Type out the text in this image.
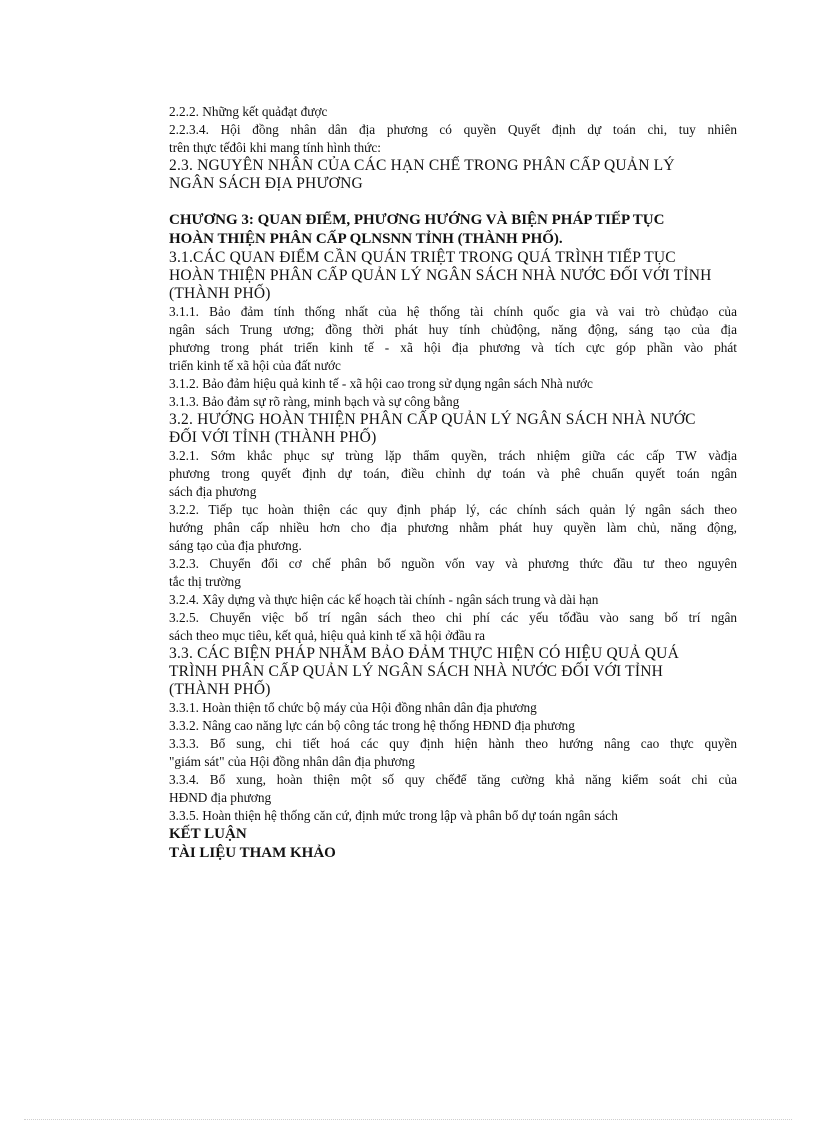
2.2.2. Những kết quảđạt được
2.2.3.4. Hội đồng nhân dân địa phương có quyền Quyết định dự toán chi, tuy nhiên
trên thực tếđôi khi mang tính hình thức:
2.3. NGUYÊN NHÂN CỦA CÁC HẠN CHẾ TRONG PHÂN CẤP QUẢN LÝ
NGÂN SÁCH ĐỊA PHƯƠNG
CHƯƠNG 3: QUAN ĐIỂM, PHƯƠNG HƯỚNG VÀ BIỆN PHÁP TIẾP TỤC
HOÀN THIỆN PHÂN CẤP QLNSNN TỈNH (THÀNH PHỐ).
3.1.CÁC QUAN ĐIỂM CẦN QUÁN TRIỆT TRONG QUÁ TRÌNH TIẾP TỤC
HOÀN THIỆN PHÂN CẤP QUẢN LÝ NGÂN SÁCH NHÀ NƯỚC ĐỐI VỚI TỈNH
(THÀNH PHỐ)
3.1.1. Bảo đảm tính thống nhất của hệ thống tài chính quốc gia và vai trò chủđạo của
ngân sách Trung ương; đồng thời phát huy tính chủđộng, năng động, sáng tạo của địa
phương trong phát triển kinh tế - xã hội địa phương và tích cực góp phần vào phát
triển kinh tế xã hội của đất nước
3.1.2. Bảo đảm hiệu quả kinh tế - xã hội cao trong sử dụng ngân sách Nhà nước
3.1.3. Bảo đảm sự rõ ràng, minh bạch và sự công bằng
3.2. HƯỚNG HOÀN THIỆN PHÂN CẤP QUẢN LÝ NGÂN SÁCH NHÀ NƯỚC
ĐỐI VỚI TỈNH (THÀNH PHỐ)
3.2.1. Sớm khắc phục sự trùng lặp thẩm quyền, trách nhiệm giữa các cấp TW vàđịa
phương trong quyết định dự toán, điều chỉnh dự toán và phê chuẩn quyết toán ngân
sách địa phương
3.2.2. Tiếp tục hoàn thiện các quy định pháp lý, các chính sách quản lý ngân sách theo
hướng phân cấp nhiều hơn cho địa phương nhằm phát huy quyền làm chủ, năng động,
sáng tạo của địa phương.
3.2.3. Chuyển đổi cơ chế phân bổ nguồn vốn vay và phương thức đầu tư theo nguyên
tắc thị trường
3.2.4. Xây dựng và thực hiện các kế hoạch tài chính - ngân sách trung và dài hạn
3.2.5. Chuyển việc bố trí ngân sách theo chi phí các yếu tốđầu vào sang bố trí ngân
sách theo mục tiêu, kết quả, hiệu quả kinh tế xã hội ởđầu ra
3.3. CÁC BIỆN PHÁP NHẰM BẢO ĐẢM THỰC HIỆN CÓ HIỆU QUẢ QUÁ
TRÌNH PHÂN CẤP QUẢN LÝ NGÂN SÁCH NHÀ NƯỚC ĐỐI VỚI TỈNH
(THÀNH PHỐ)
3.3.1. Hoàn thiện tổ chức bộ máy của Hội đồng nhân dân địa phương
3.3.2. Nâng cao năng lực cán bộ công tác trong hệ thống HĐND địa phương
3.3.3. Bổ sung, chi tiết hoá các quy định hiện hành theo hướng nâng cao thực quyền
"giám sát" của Hội đồng nhân dân địa phương
3.3.4. Bổ xung, hoàn thiện một số quy chếđể tăng cường khả năng kiểm soát chi của
HĐND địa phương
3.3.5. Hoàn thiện hệ thống căn cứ, định mức trong lập và phân bổ dự toán ngân sách
KẾT LUẬN
TÀI LIỆU THAM KHẢO
